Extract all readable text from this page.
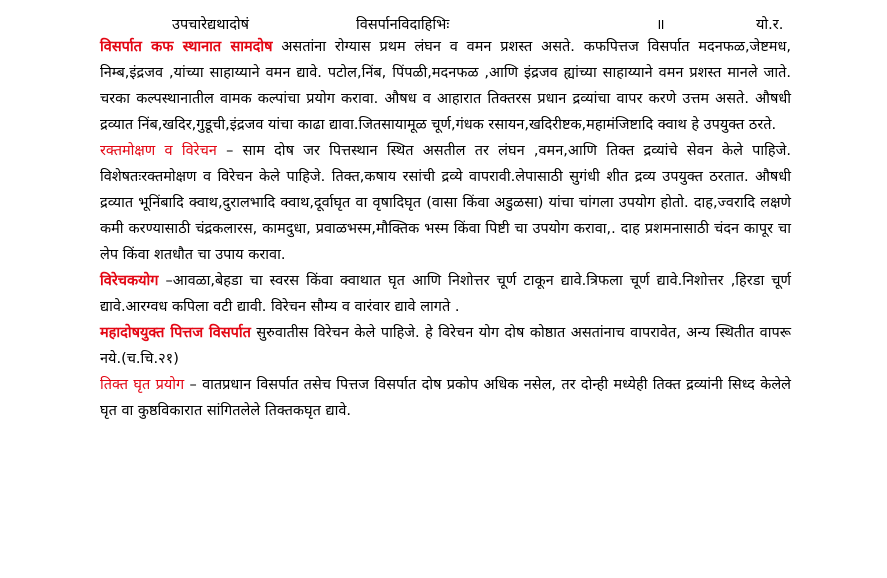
उपचारेद्यथादोषं	विसर्पानविदाहिभिः	॥	यो.र.

विसर्पात कफ स्थानात सामदोष असतांना रोग्यास प्रथम लंघन व वमन प्रशस्त असते. कफपित्तज विसर्पात मदनफळ,जेष्टमध, निम्ब,इंद्रजव ,यांच्या साहाय्याने वमन द्यावे. पटोल,निंब, पिंपळी,मदनफळ ,आणि इंद्रजव ह्यांच्या साहाय्याने वमन प्रशस्त मानले जाते. चरका कल्पस्थानातील वामक कल्पांचा प्रयोग करावा. औषध व आहारात तिक्तरस प्रधान द्रव्यांचा वापर करणे उत्तम असते. औषधी द्रव्यात निंब,खदिर,गुडूची,इंद्रजव यांचा काढा द्यावा.जितसायामूळ चूर्ण,गंधक रसायन,खदिरीष्टक,महामंजिष्टादि क्वाथ हे उपयुक्त ठरते.

रक्तमोक्षण व विरेचन – साम दोष जर पित्तस्थान स्थित असतील तर लंघन ,वमन,आणि तिक्त द्रव्यांचे सेवन केले पाहिजे. विशेषतःरक्तमोक्षण व विरेचन केले पाहिजे. तिक्त,कषाय रसांची द्रव्ये वापरावी.लेपासाठी सुगंधी शीत द्रव्य उपयुक्त ठरतात. औषधी द्रव्यात भूनिंबादि क्वाथ,दुरालभादि क्वाथ,दूर्वाघृत वा वृषादिघृत (वासा किंवा अडुळसा) यांचा चांगला उपयोग होतो. दाह,ज्वरादि लक्षणे कमी करण्यासाठी चंद्रकलारस, कामदुधा, प्रवाळभस्म,मौक्तिक भस्म किंवा पिष्टी चा उपयोग करावा,. दाह प्रशमनासाठी चंदन कापूर चा लेप किंवा शतधौत चा उपाय करावा.

विरेचकयोग –आवळा,बेहडा चा स्वरस किंवा क्वाथात घृत आणि निशोत्तर चूर्ण टाकून द्यावे.त्रिफला चूर्ण द्यावे.निशोत्तर ,हिरडा चूर्ण द्यावे.आरग्वध कपिला वटी द्यावी. विरेचन सौम्य व वारंवार द्यावे लागते .

महादोषयुक्त पित्तज विसर्पात सुरुवातीस विरेचन केले पाहिजे. हे विरेचन योग दोष कोष्ठात असतांनाच वापरावेत, अन्य स्थितीत वापरू नये.(च.चि.२१)

तिक्त घृत प्रयोग – वातप्रधान विसर्पात तसेच पित्तज विसर्पात दोष प्रकोप अधिक नसेल, तर दोन्ही मध्येही तिक्त द्रव्यांनी सिध्द केलेले घृत वा कुष्ठविकारात सांगितलेले तिक्तकघृत द्यावे.
